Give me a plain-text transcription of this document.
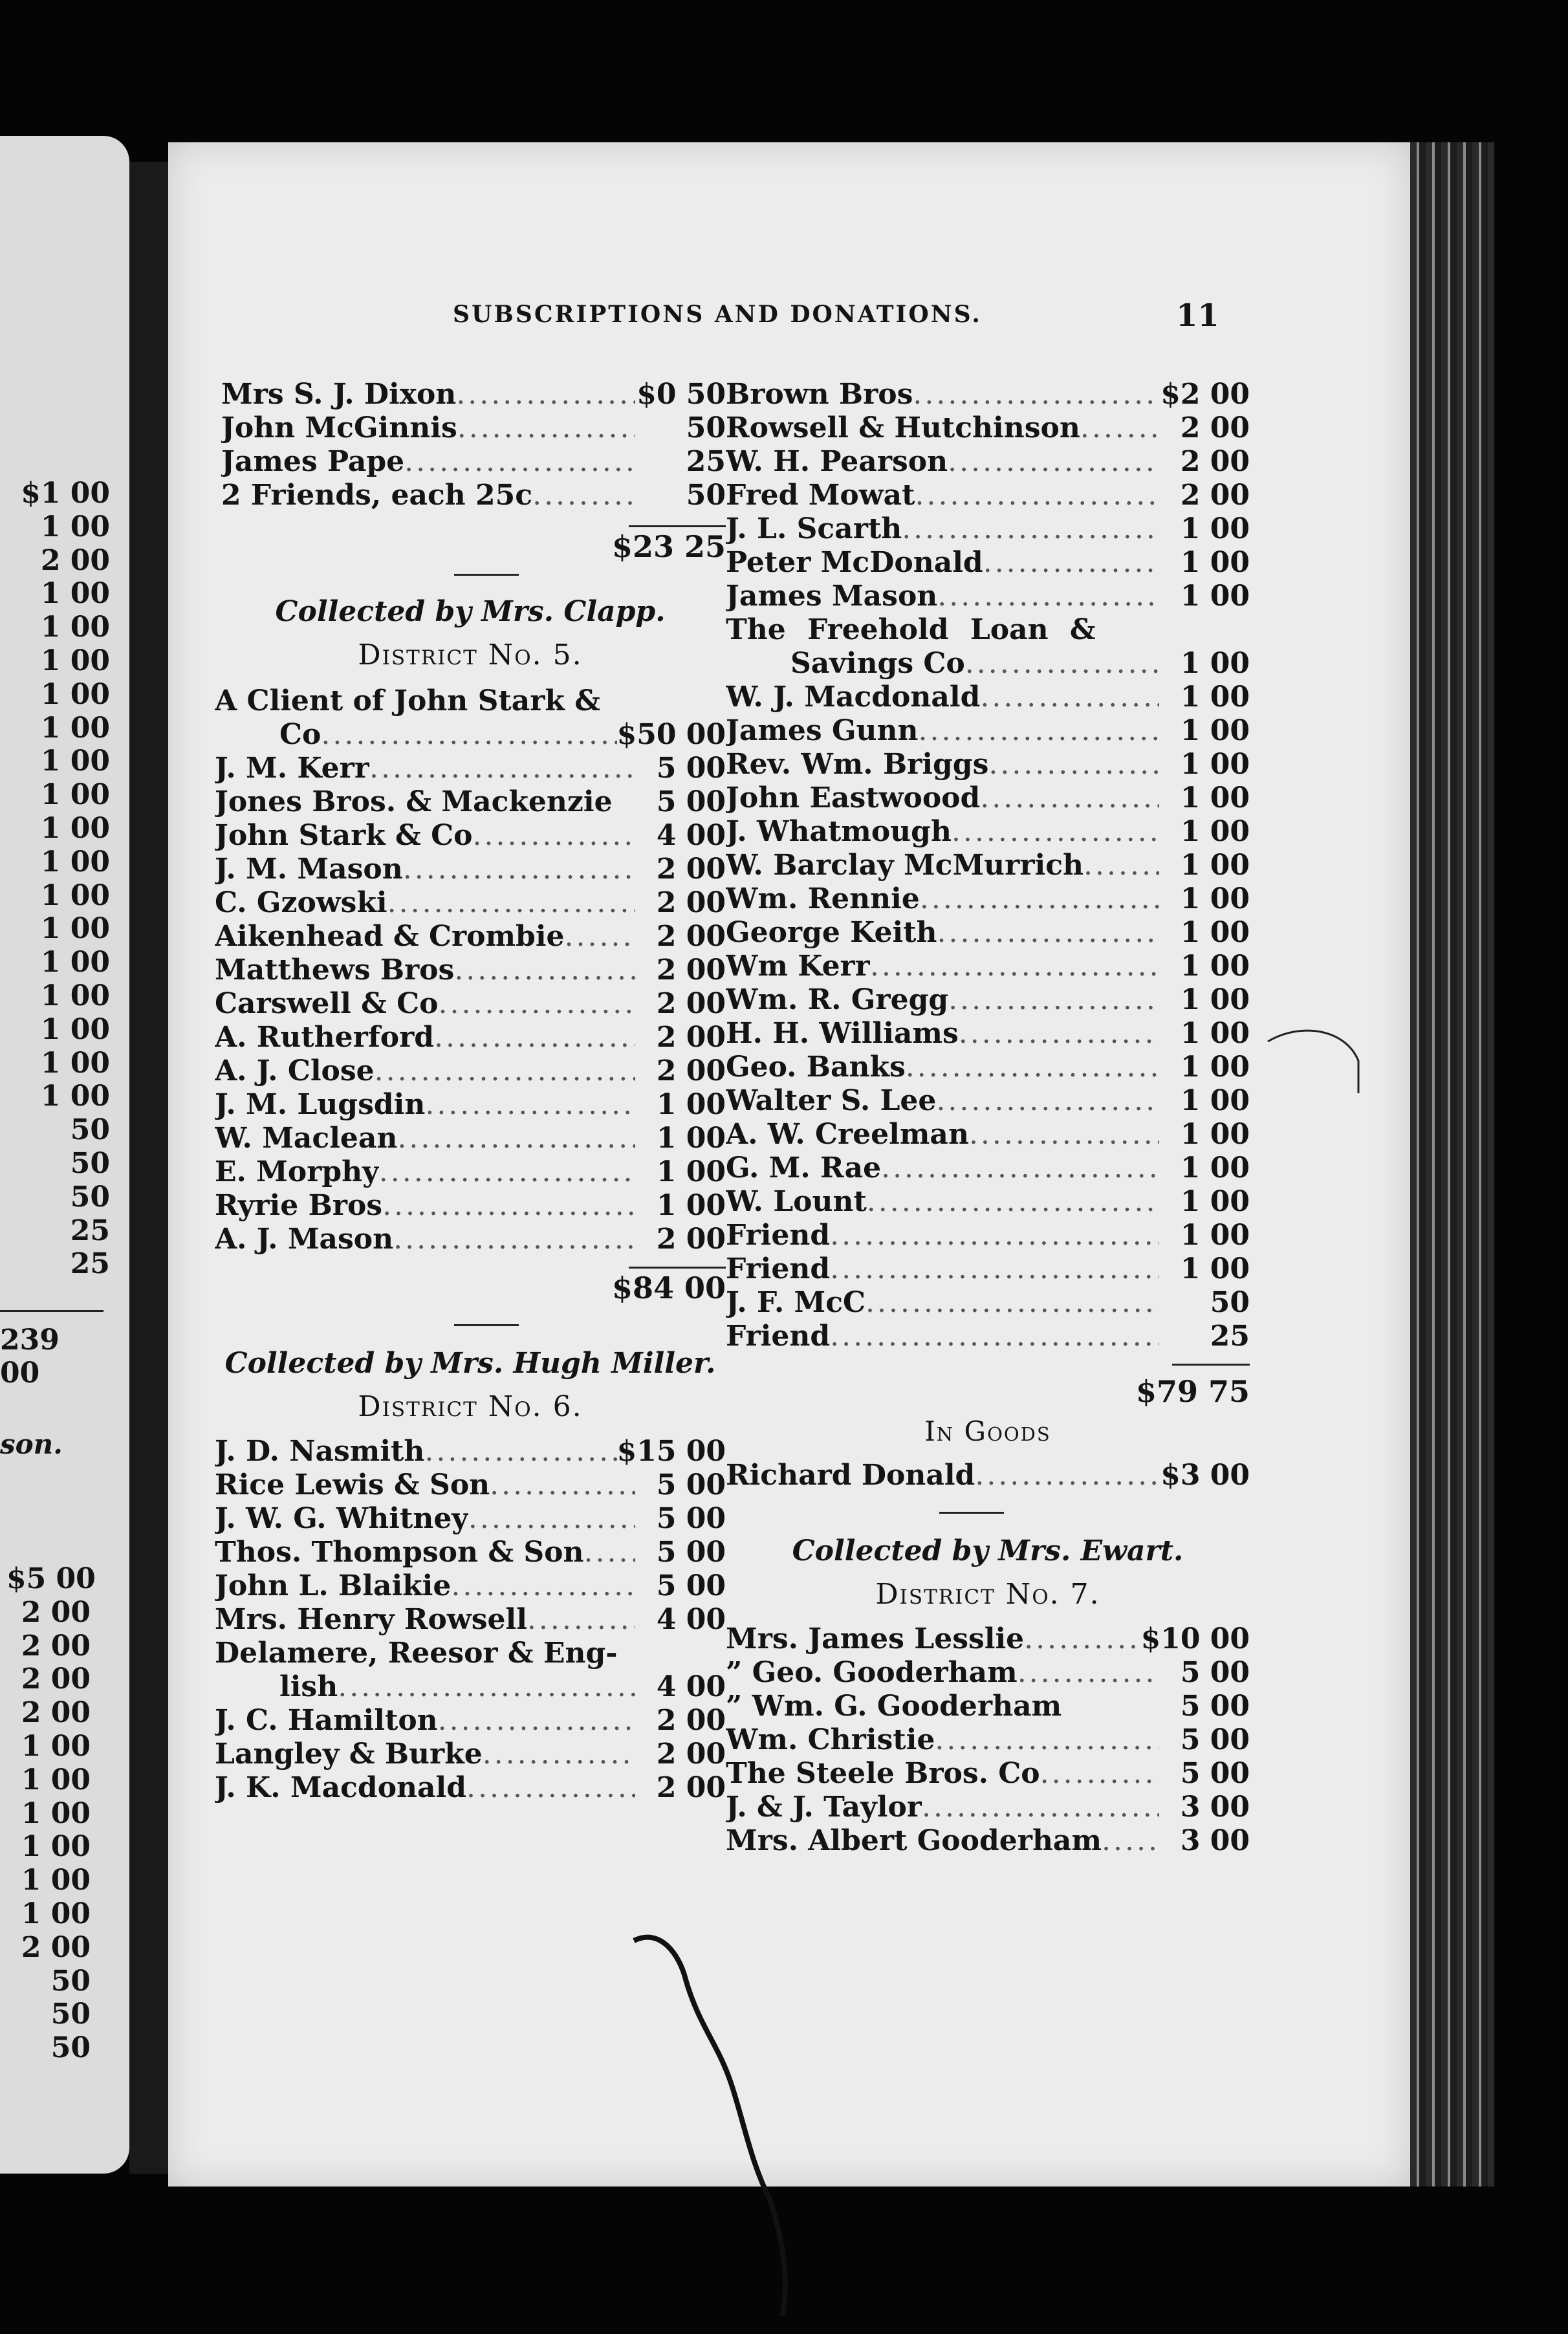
$1 00
1 00
2 00
1 00
1 00
1 00
1 00
1 00
1 00
1 00
1 00
1 00
1 00
1 00
1 00
1 00
1 00
1 00
1 00
50
50
50
25
25
239 00
son.
$5 00
2 00
2 00
2 00
2 00
1 00
1 00
1 00
1 00
1 00
1 00
2 00
50
50
50
SUBSCRIPTIONS AND DONATIONS.	11
Mrs S. J. Dixon .....	$0 50
John McGinnis .....	50
James Pape .....	25
2 Friends, each 25c .....	50
$23 25
Collected by Mrs. Clapp.
District No. 5.
A Client of John Stark &
Co .....	$50 00
J. M. Kerr .....	5 00
Jones Bros. & Mackenzie	5 00
John Stark & Co .....	4 00
J. M. Mason .....	2 00
C. Gzowski .....	2 00
Aikenhead & Crombie .....	2 00
Matthews Bros .....	2 00
Carswell & Co .....	2 00
A. Rutherford .....	2 00
A. J. Close .....	2 00
J. M. Lugsdin .....	1 00
W. Maclean .....	1 00
E. Morphy .....	1 00
Ryrie Bros .....	1 00
A. J. Mason .....	2 00
$84 00
Collected by Mrs. Hugh Miller.
District No. 6.
J. D. Nasmith .....	$15 00
Rice Lewis & Son .....	5 00
J. W. G. Whitney .....	5 00
Thos. Thompson & Son .....	5 00
John L. Blaikie .....	5 00
Mrs. Henry Rowsell .....	4 00
Delamere, Reesor & Eng-
lish .....	4 00
J. C. Hamilton .....	2 00
Langley & Burke .....	2 00
J. K. Macdonald .....	2 00
Brown Bros .....	$2 00
Rowsell & Hutchinson .....	2 00
W. H. Pearson .....	2 00
Fred Mowat .....	2 00
J. L. Scarth .....	1 00
Peter McDonald .....	1 00
James Mason .....	1 00
The Freehold Loan &
Savings Co .....	1 00
W. J. Macdonald .....	1 00
James Gunn .....	1 00
Rev. Wm. Briggs .....	1 00
John Eastwoood .....	1 00
J. Whatmough .....	1 00
W. Barclay McMurrich .....	1 00
Wm. Rennie .....	1 00
George Keith .....	1 00
Wm Kerr .....	1 00
Wm. R. Gregg .....	1 00
H. H. Williams .....	1 00
Geo. Banks .....	1 00
Walter S. Lee .....	1 00
A. W. Creelman .....	1 00
G. M. Rae .....	1 00
W. Lount .....	1 00
Friend .....	1 00
Friend .....	1 00
J. F. McC .....	50
Friend .....	25
$79 75
In Goods
Richard Donald .....	$3 00
Collected by Mrs. Ewart.
District No. 7.
Mrs. James Lesslie .....	$10 00
” Geo. Gooderham .....	5 00
” Wm. G. Gooderham	5 00
Wm. Christie .....	5 00
The Steele Bros. Co .....	5 00
J. & J. Taylor .....	3 00
Mrs. Albert Gooderham .....	3 00
